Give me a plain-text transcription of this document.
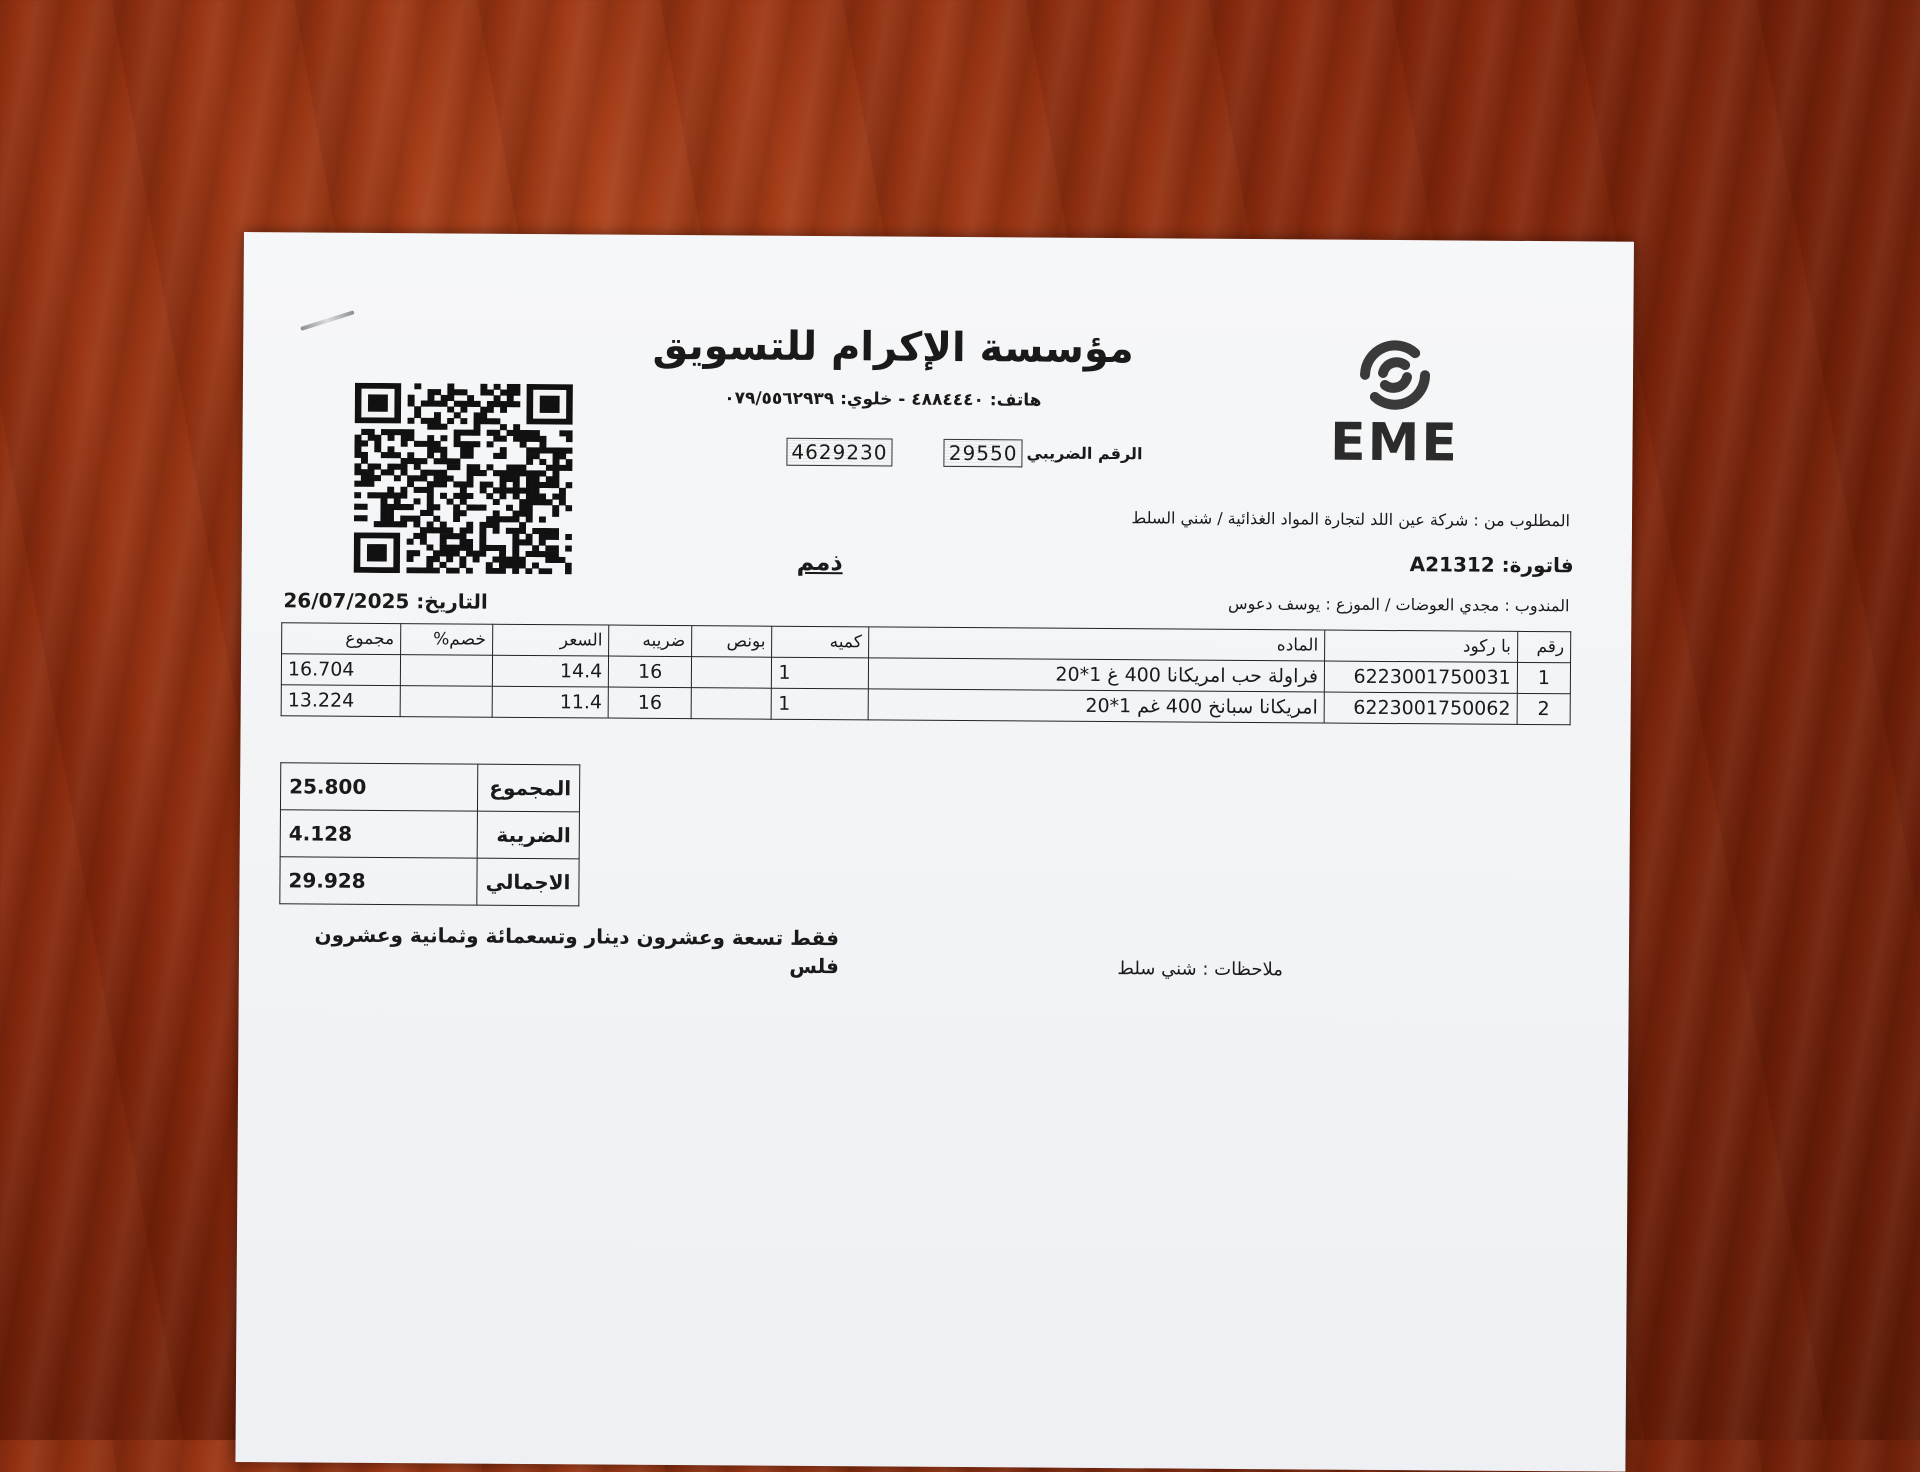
EME
مؤسسة الإكرام للتسويق
هاتف: ٤٨٨٤٤٤٠ - خلوي: ٠٧٩/٥٥٦٢٩٣٩
الرقم الضريبي
29550
4629230
المطلوب من : شركة عين اللد لتجارة المواد الغذائية / شني السلط
فاتورة: A21312
ذمم
المندوب : مجدي العوضات / الموزع : يوسف دعوس
التاريخ: 26/07/2025
رقم	با ركود	الماده	كميه	بونص	ضريبه	السعر	خصم%	مجموع
1	6223001750031	فراولة حب امريكانا 400 غ 1*20	1		16	14.4		16.704
2	6223001750062	امريكانا سبانخ 400 غم 1*20	1		16	11.4		13.224
المجموع	25.800
الضريبة	4.128
الاجمالي	29.928
فقط تسعة وعشرون دينار وتسعمائة وثمانية وعشرون فلس	ملاحظات : شني سلط
